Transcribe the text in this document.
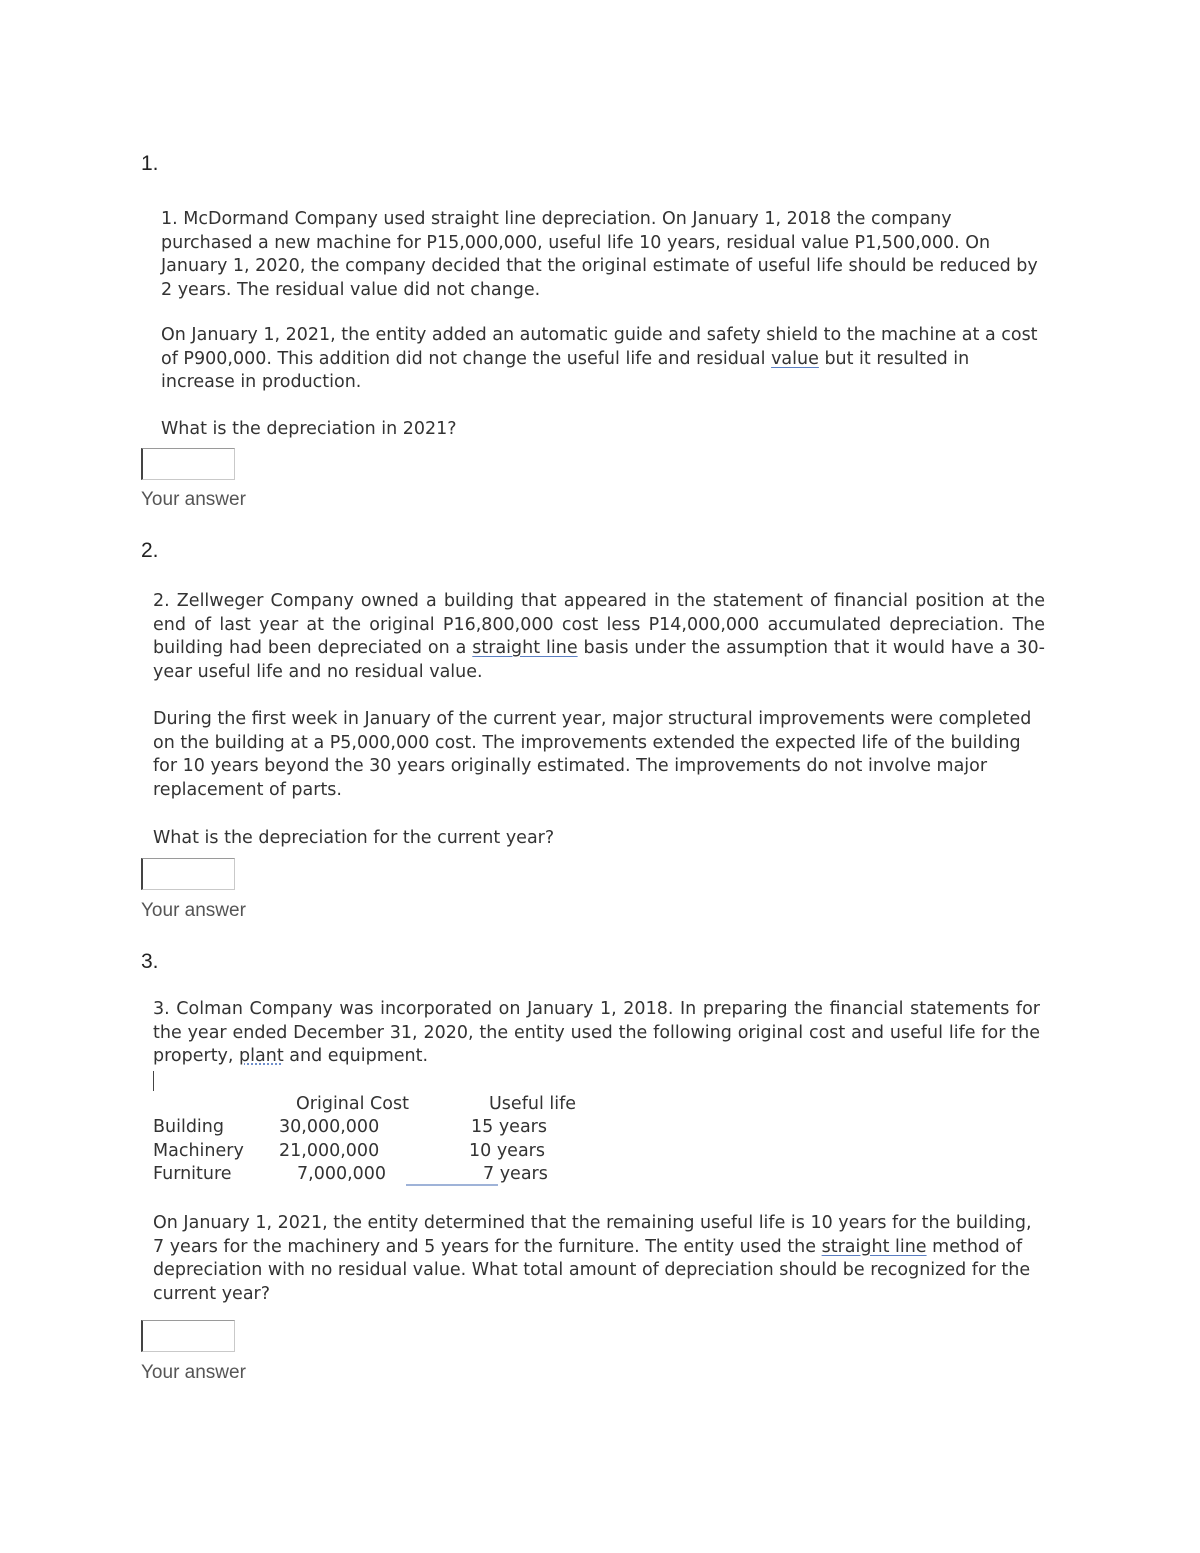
1.

1. McDormand Company used straight line depreciation. On January 1, 2018 the company purchased a new machine for P15,000,000, useful life 10 years, residual value P1,500,000. On January 1, 2020, the company decided that the original estimate of useful life should be reduced by 2 years. The residual value did not change.

On January 1, 2021, the entity added an automatic guide and safety shield to the machine at a cost of P900,000. This addition did not change the useful life and residual value but it resulted in increase in production.

What is the depreciation in 2021?

Your answer
2.

2. Zellweger Company owned a building that appeared in the statement of financial position at the end of last year at the original P16,800,000 cost less P14,000,000 accumulated depreciation. The building had been depreciated on a straight line basis under the assumption that it would have a 30-year useful life and no residual value.

During the first week in January of the current year, major structural improvements were completed on the building at a P5,000,000 cost. The improvements extended the expected life of the building for 10 years beyond the 30 years originally estimated. The improvements do not involve major replacement of parts.

What is the depreciation for the current year?

Your answer
3.

3. Colman Company was incorporated on January 1, 2018. In preparing the financial statements for the year ended December 31, 2020, the entity used the following original cost and useful life for the property, plant and equipment.

Original Cost	Useful life
Building	30,000,000	15 years
Machinery 21,000,000	10 years
Furniture	7,000,000	7 years

On January 1, 2021, the entity determined that the remaining useful life is 10 years for the building, 7 years for the machinery and 5 years for the furniture. The entity used the straight line method of depreciation with no residual value. What total amount of depreciation should be recognized for the current year?

Your answer
